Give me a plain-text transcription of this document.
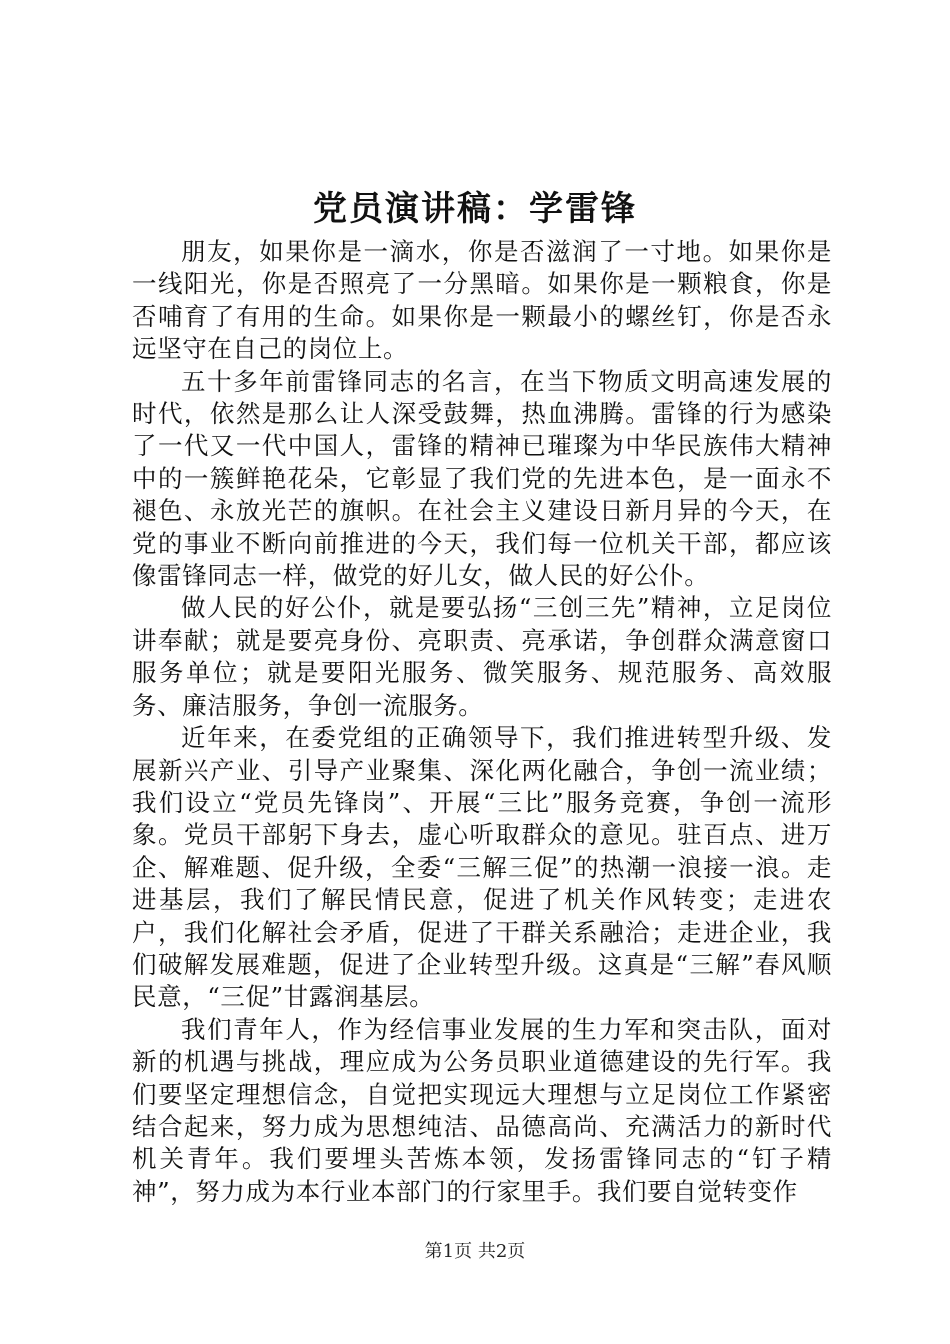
党员演讲稿：学雷锋

朋友，如果你是一滴水，你是否滋润了一寸地。如果你是一线阳光，你是否照亮了一分黑暗。如果你是一颗粮食，你是否哺育了有用的生命。如果你是一颗最小的螺丝钉，你是否永远坚守在自己的岗位上。

五十多年前雷锋同志的名言，在当下物质文明高速发展的时代，依然是那么让人深受鼓舞，热血沸腾。雷锋的行为感染了一代又一代中国人，雷锋的精神已璀璨为中华民族伟大精神中的一簇鲜艳花朵，它彰显了我们党的先进本色，是一面永不褪色、永放光芒的旗帜。在社会主义建设日新月异的今天，在党的事业不断向前推进的今天，我们每一位机关干部，都应该像雷锋同志一样，做党的好儿女，做人民的好公仆。

做人民的好公仆，就是要弘扬“三创三先”精神，立足岗位讲奉献；就是要亮身份、亮职责、亮承诺，争创群众满意窗口服务单位；就是要阳光服务、微笑服务、规范服务、高效服务、廉洁服务，争创一流服务。

近年来，在委党组的正确领导下，我们推进转型升级、发展新兴产业、引导产业聚集、深化两化融合，争创一流业绩；我们设立“党员先锋岗”、开展“三比”服务竞赛，争创一流形象。党员干部躬下身去，虚心听取群众的意见。驻百点、进万企、解难题、促升级，全委“三解三促”的热潮一浪接一浪。走进基层，我们了解民情民意，促进了机关作风转变；走进农户，我们化解社会矛盾，促进了干群关系融洽；走进企业，我们破解发展难题，促进了企业转型升级。这真是“三解”春风顺民意，“三促”甘露润基层。

我们青年人，作为经信事业发展的生力军和突击队，面对新的机遇与挑战，理应成为公务员职业道德建设的先行军。我们要坚定理想信念，自觉把实现远大理想与立足岗位工作紧密结合起来，努力成为思想纯洁、品德高尚、充满活力的新时代机关青年。我们要埋头苦炼本领，发扬雷锋同志的“钉子精神”，努力成为本行业本部门的行家里手。我们要自觉转变作

第1页 共2页
